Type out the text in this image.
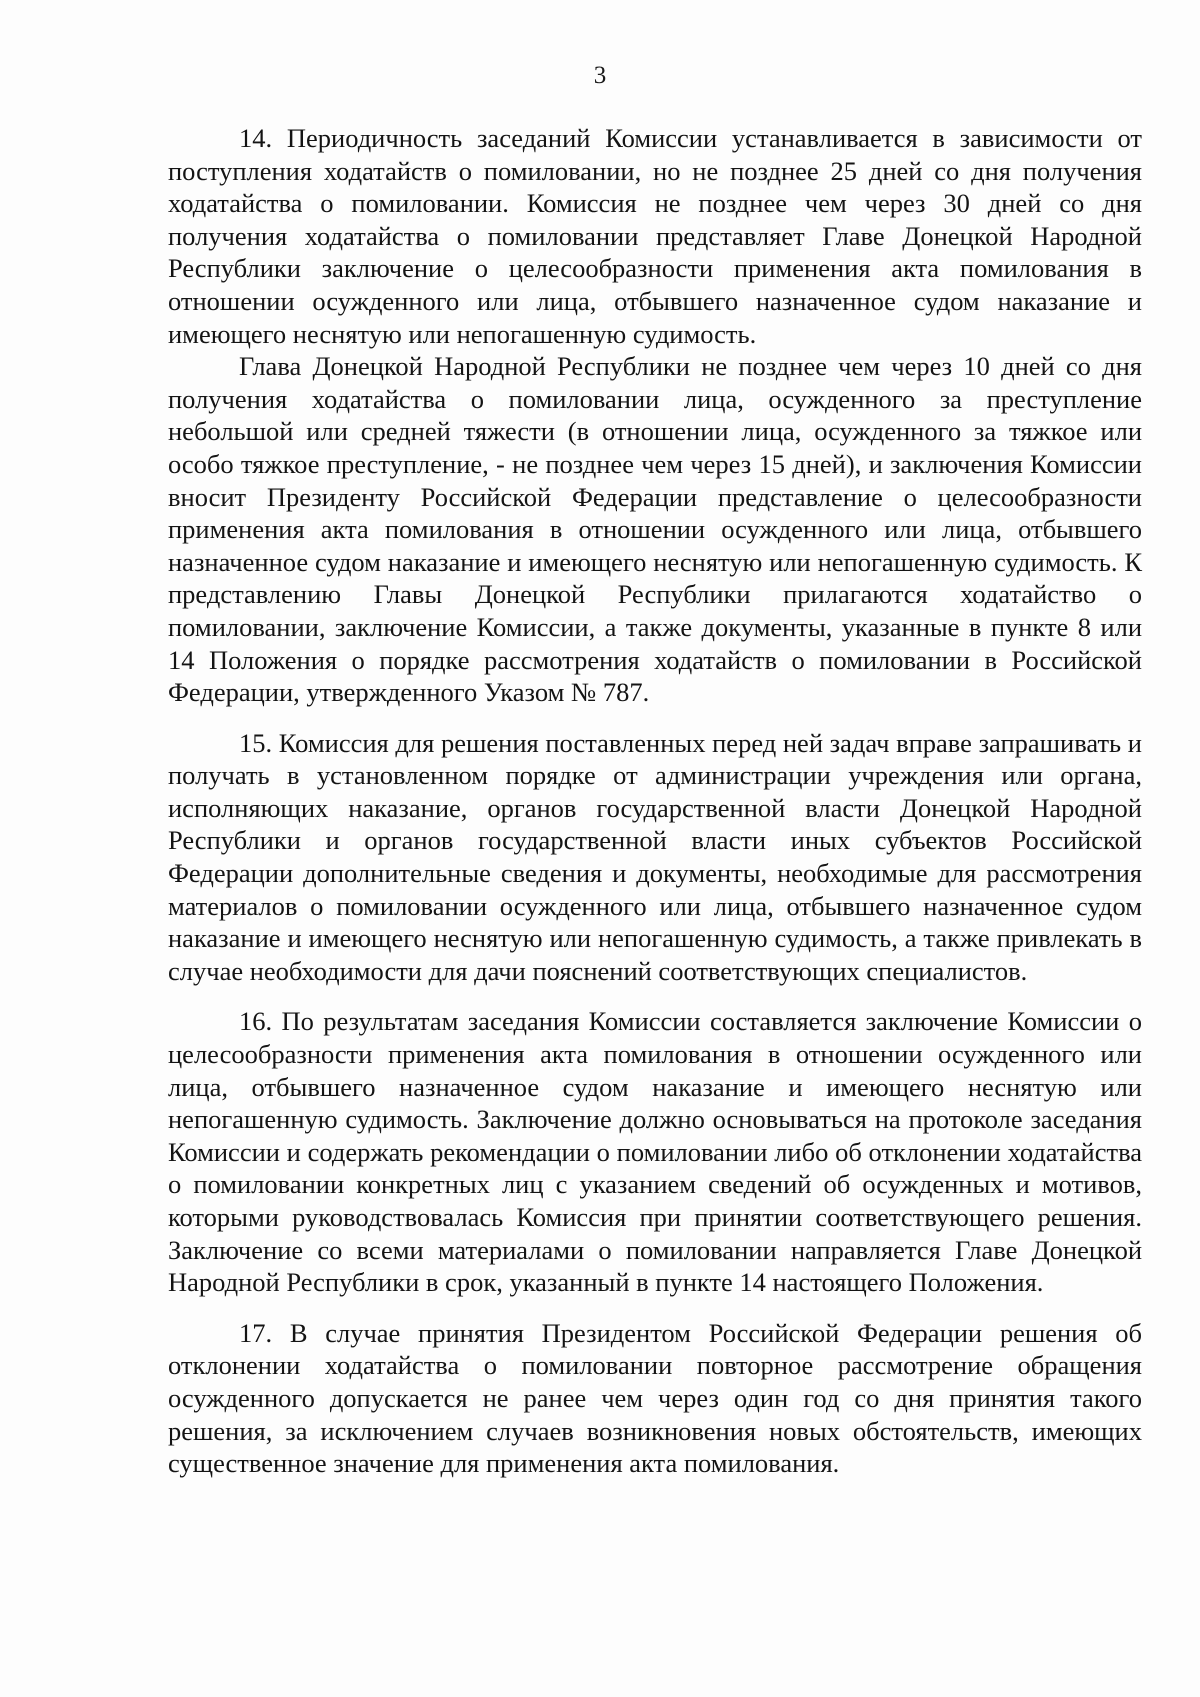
3

14. Периодичность заседаний Комиссии устанавливается в зависимости от поступления ходатайств о помиловании, но не позднее 25 дней со дня получения ходатайства о помиловании. Комиссия не позднее чем через 30 дней со дня получения ходатайства о помиловании представляет Главе Донецкой Народной Республики заключение о целесообразности применения акта помилования в отношении осужденного или лица, отбывшего назначенное судом наказание и имеющего неснятую или непогашенную судимость.

Глава Донецкой Народной Республики не позднее чем через 10 дней со дня получения ходатайства о помиловании лица, осужденного за преступление небольшой или средней тяжести (в отношении лица, осужденного за тяжкое или особо тяжкое преступление, - не позднее чем через 15 дней), и заключения Комиссии вносит Президенту Российской Федерации представление о целесообразности применения акта помилования в отношении осужденного или лица, отбывшего назначенное судом наказание и имеющего неснятую или непогашенную судимость. К представлению Главы Донецкой Республики прилагаются ходатайство о помиловании, заключение Комиссии, а также документы, указанные в пункте 8 или 14 Положения о порядке рассмотрения ходатайств о помиловании в Российской Федерации, утвержденного Указом № 787.

15. Комиссия для решения поставленных перед ней задач вправе запрашивать и получать в установленном порядке от администрации учреждения или органа, исполняющих наказание, органов государственной власти Донецкой Народной Республики и органов государственной власти иных субъектов Российской Федерации дополнительные сведения и документы, необходимые для рассмотрения материалов о помиловании осужденного или лица, отбывшего назначенное судом наказание и имеющего неснятую или непогашенную судимость, а также привлекать в случае необходимости для дачи пояснений соответствующих специалистов.

16. По результатам заседания Комиссии составляется заключение Комиссии о целесообразности применения акта помилования в отношении осужденного или лица, отбывшего назначенное судом наказание и имеющего неснятую или непогашенную судимость. Заключение должно основываться на протоколе заседания Комиссии и содержать рекомендации о помиловании либо об отклонении ходатайства о помиловании конкретных лиц с указанием сведений об осужденных и мотивов, которыми руководствовалась Комиссия при принятии соответствующего решения. Заключение со всеми материалами о помиловании направляется Главе Донецкой Народной Республики в срок, указанный в пункте 14 настоящего Положения.

17. В случае принятия Президентом Российской Федерации решения об отклонении ходатайства о помиловании повторное рассмотрение обращения осужденного допускается не ранее чем через один год со дня принятия такого решения, за исключением случаев возникновения новых обстоятельств, имеющих существенное значение для применения акта помилования.
